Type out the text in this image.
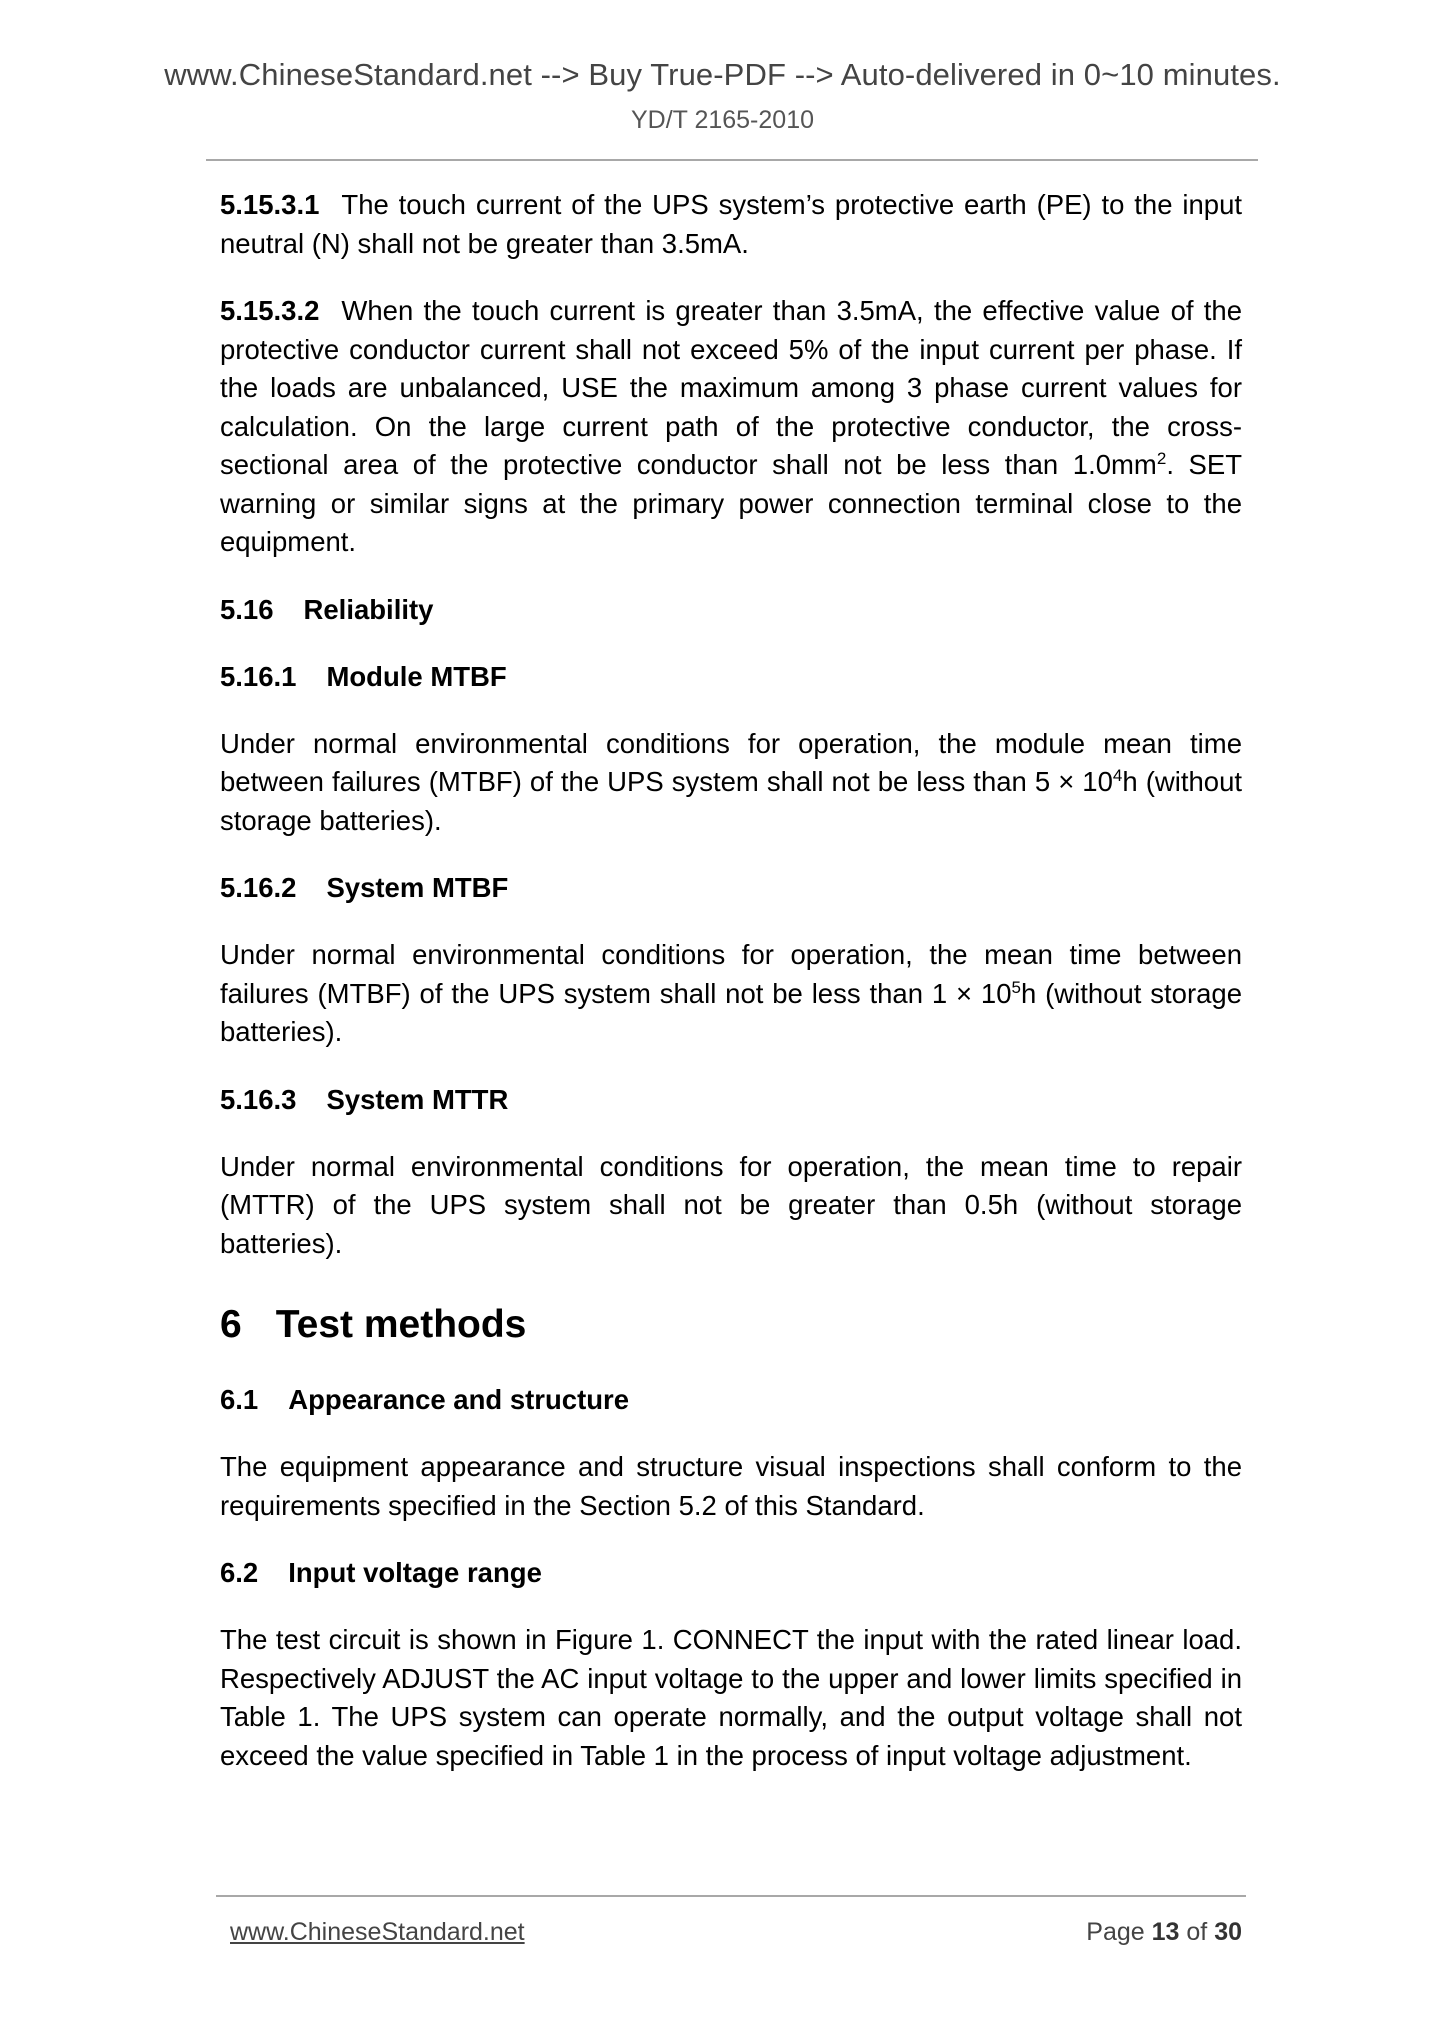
www.ChineseStandard.net --> Buy True-PDF --> Auto-delivered in 0~10 minutes.
YD/T 2165-2010

5.15.3.1 The touch current of the UPS system’s protective earth (PE) to the input neutral (N) shall not be greater than 3.5mA.

5.15.3.2 When the touch current is greater than 3.5mA, the effective value of the protective conductor current shall not exceed 5% of the input current per phase. If the loads are unbalanced, USE the maximum among 3 phase current values for calculation. On the large current path of the protective conductor, the cross-sectional area of the protective conductor shall not be less than $1.0mm^2$. SET warning or similar signs at the primary power connection terminal close to the equipment.

5.16 Reliability
5.16.1 Module MTBF

Under normal environmental conditions for operation, the module mean time between failures (MTBF) of the UPS system shall not be less than $5 \times 10^4h$ (without storage batteries).

5.16.2 System MTBF

Under normal environmental conditions for operation, the mean time between failures (MTBF) of the UPS system shall not be less than $1 \times 10^5h$ (without storage batteries).

5.16.3 System MTTR

Under normal environmental conditions for operation, the mean time to repair (MTTR) of the UPS system shall not be greater than 0.5h (without storage batteries).

6 Test methods
6.1 Appearance and structure

The equipment appearance and structure visual inspections shall conform to the requirements specified in the Section 5.2 of this Standard.

6.2 Input voltage range

The test circuit is shown in Figure 1. CONNECT the input with the rated linear load. Respectively ADJUST the AC input voltage to the upper and lower limits specified in Table 1. The UPS system can operate normally, and the output voltage shall not exceed the value specified in Table 1 in the process of input voltage adjustment.

www.ChineseStandard.net	Page 13 of 30
